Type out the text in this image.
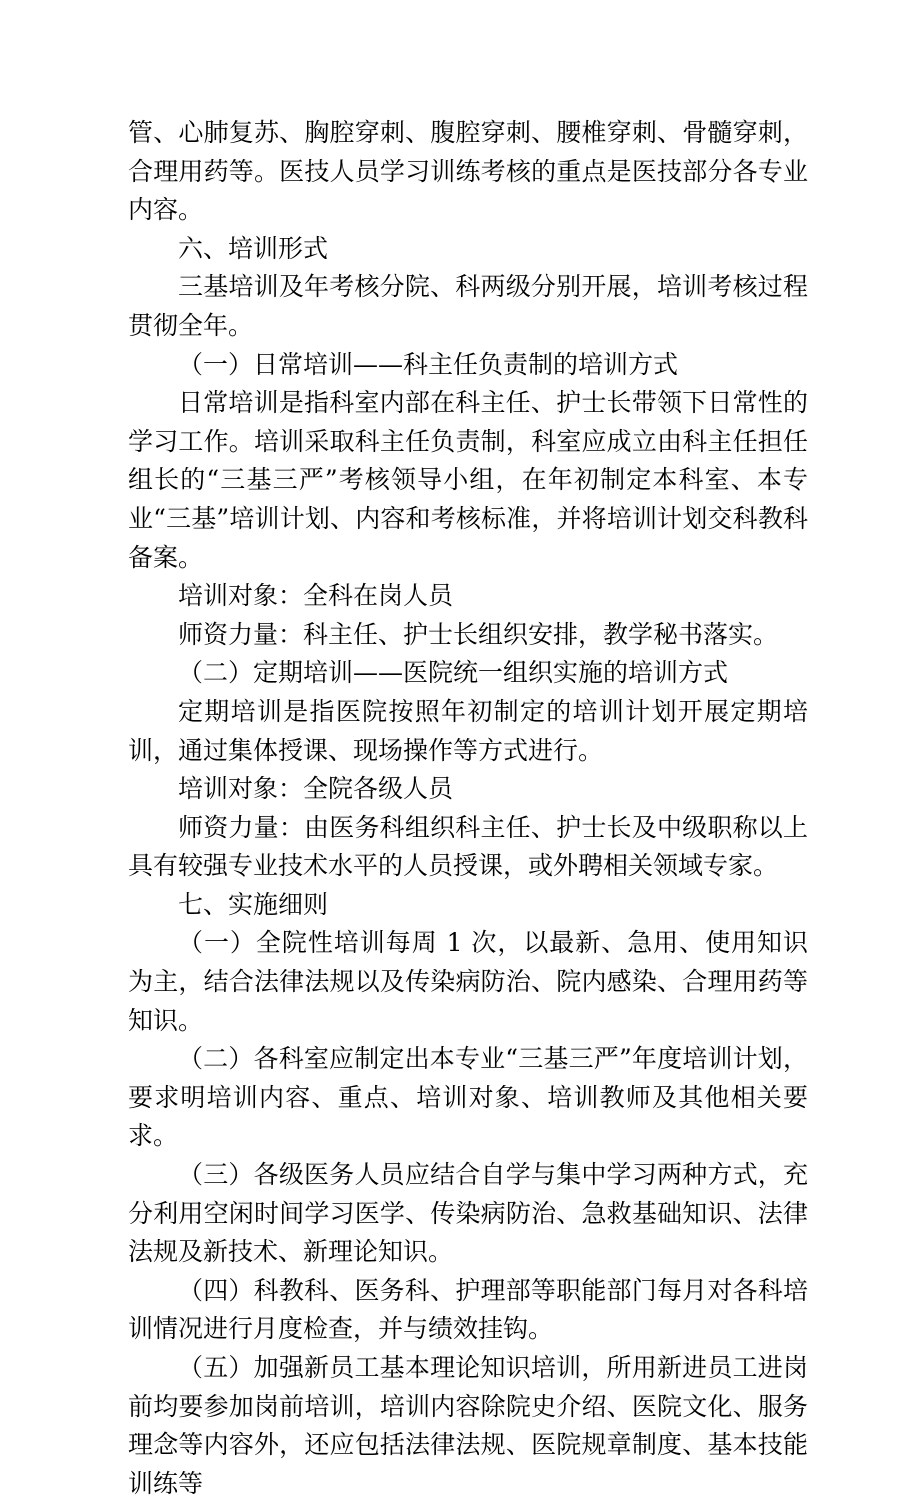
管、心肺复苏、胸腔穿刺、腹腔穿刺、腰椎穿刺、骨髓穿刺，合理用药等。医技人员学习训练考核的重点是医技部分各专业内容。

六、培训形式

三基培训及年考核分院、科两级分别开展，培训考核过程贯彻全年。

（一）日常培训——科主任负责制的培训方式

日常培训是指科室内部在科主任、护士长带领下日常性的学习工作。培训采取科主任负责制，科室应成立由科主任担任组长的“三基三严”考核领导小组，在年初制定本科室、本专业“三基”培训计划、内容和考核标准，并将培训计划交科教科备案。

培训对象：全科在岗人员

师资力量：科主任、护士长组织安排，教学秘书落实。

（二）定期培训——医院统一组织实施的培训方式

定期培训是指医院按照年初制定的培训计划开展定期培训，通过集体授课、现场操作等方式进行。

培训对象：全院各级人员

师资力量：由医务科组织科主任、护士长及中级职称以上具有较强专业技术水平的人员授课，或外聘相关领域专家。

七、实施细则

（一）全院性培训每周 1 次，以最新、急用、使用知识为主，结合法律法规以及传染病防治、院内感染、合理用药等知识。

（二）各科室应制定出本专业“三基三严”年度培训计划，要求明培训内容、重点、培训对象、培训教师及其他相关要求。

（三）各级医务人员应结合自学与集中学习两种方式，充分利用空闲时间学习医学、传染病防治、急救基础知识、法律法规及新技术、新理论知识。

（四）科教科、医务科、护理部等职能部门每月对各科培训情况进行月度检查，并与绩效挂钩。

（五）加强新员工基本理论知识培训，所用新进员工进岗前均要参加岗前培训，培训内容除院史介绍、医院文化、服务理念等内容外，还应包括法律法规、医院规章制度、基本技能训练等
